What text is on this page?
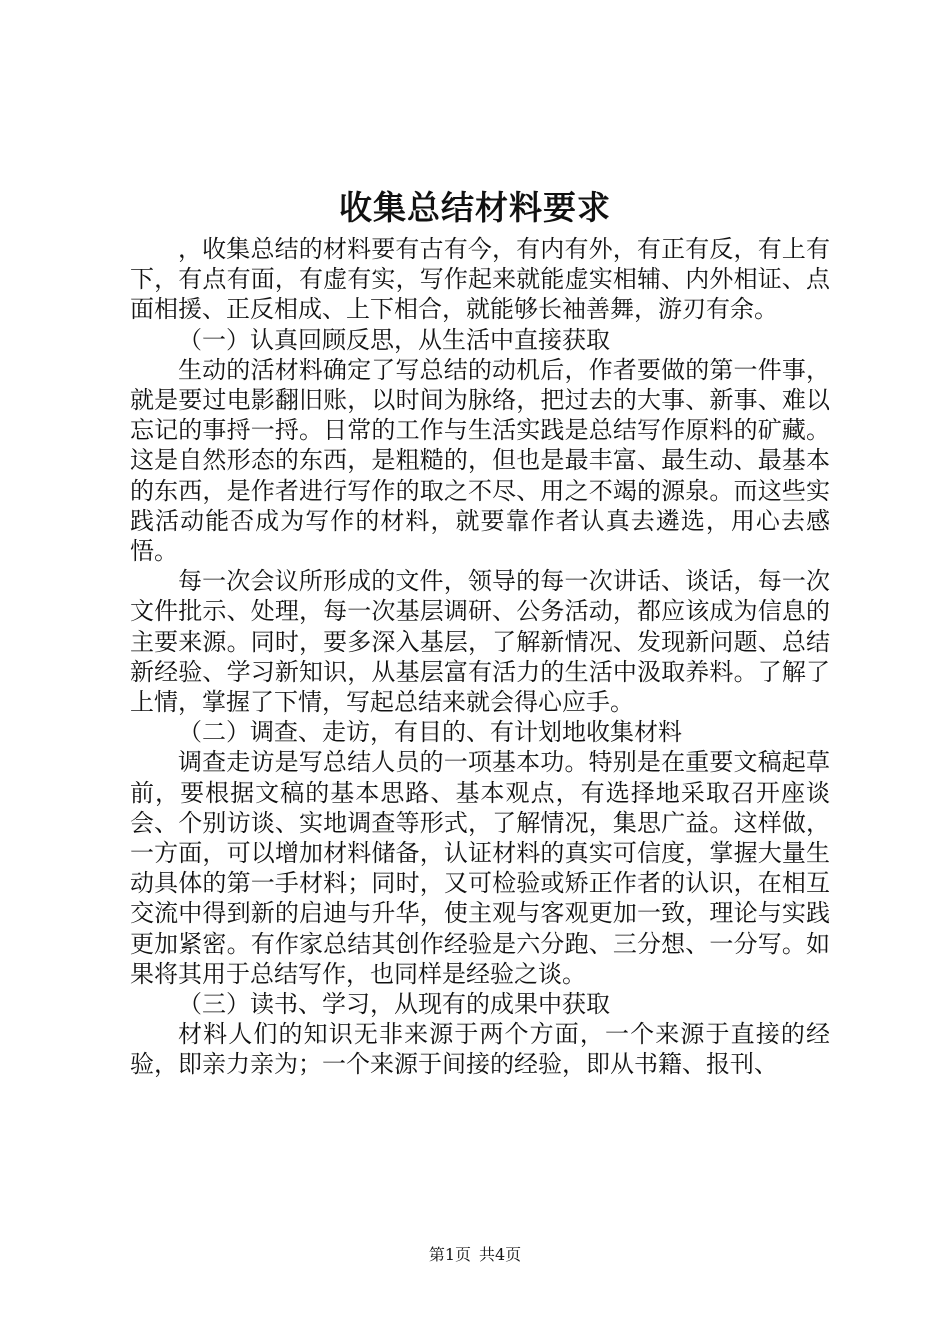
收集总结材料要求

，收集总结的材料要有古有今，有内有外，有正有反，有上有下，有点有面，有虚有实，写作起来就能虚实相辅、内外相证、点面相援、正反相成、上下相合，就能够长袖善舞，游刃有余。

（一）认真回顾反思，从生活中直接获取

生动的活材料确定了写总结的动机后，作者要做的第一件事，就是要过电影翻旧账，以时间为脉络，把过去的大事、新事、难以忘记的事捋一捋。日常的工作与生活实践是总结写作原料的矿藏。这是自然形态的东西，是粗糙的，但也是最丰富、最生动、最基本的东西，是作者进行写作的取之不尽、用之不竭的源泉。而这些实践活动能否成为写作的材料，就要靠作者认真去遴选，用心去感悟。

每一次会议所形成的文件，领导的每一次讲话、谈话，每一次文件批示、处理，每一次基层调研、公务活动，都应该成为信息的主要来源。同时，要多深入基层，了解新情况、发现新问题、总结新经验、学习新知识，从基层富有活力的生活中汲取养料。了解了上情，掌握了下情，写起总结来就会得心应手。

（二）调查、走访，有目的、有计划地收集材料

调查走访是写总结人员的一项基本功。特别是在重要文稿起草前，要根据文稿的基本思路、基本观点，有选择地采取召开座谈会、个别访谈、实地调查等形式，了解情况，集思广益。这样做，一方面，可以增加材料储备，认证材料的真实可信度，掌握大量生动具体的第一手材料；同时，又可检验或矫正作者的认识，在相互交流中得到新的启迪与升华，使主观与客观更加一致，理论与实践更加紧密。有作家总结其创作经验是六分跑、三分想、一分写。如果将其用于总结写作，也同样是经验之谈。

（三）读书、学习，从现有的成果中获取

材料人们的知识无非来源于两个方面，一个来源于直接的经验，即亲力亲为；一个来源于间接的经验，即从书籍、报刊、

第1页 共4页
